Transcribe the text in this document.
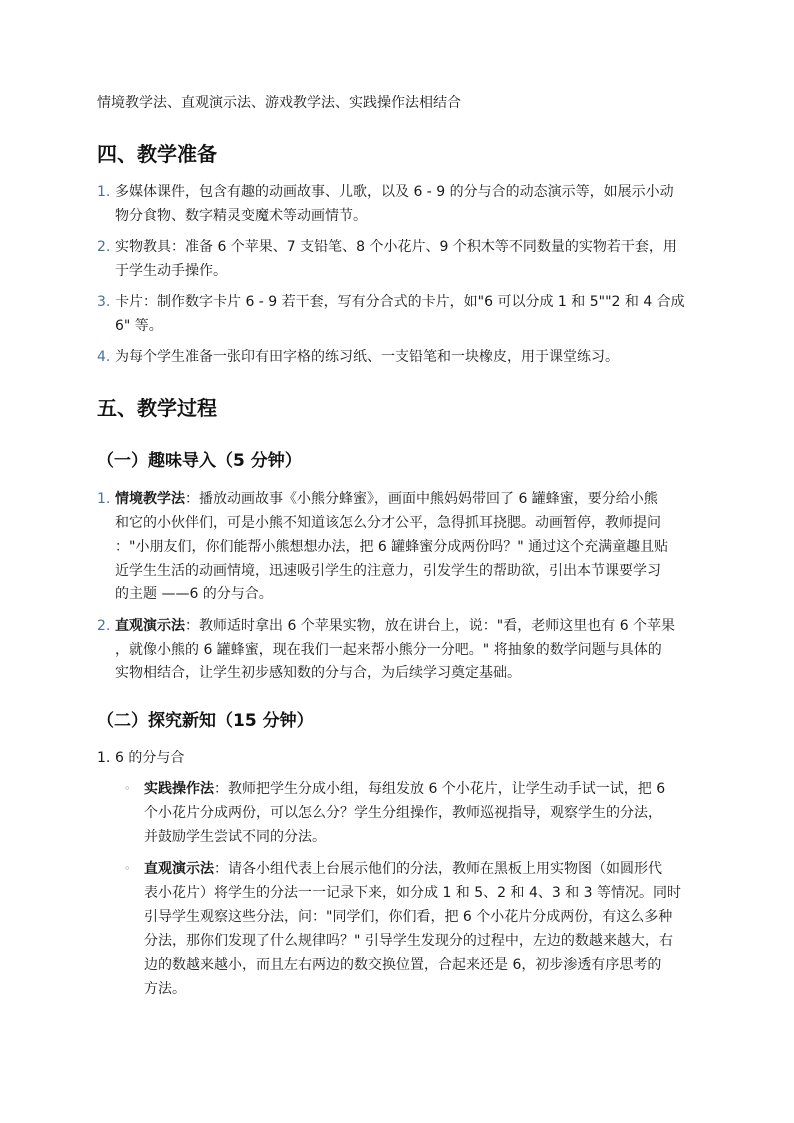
情境教学法、直观演示法、游戏教学法、实践操作法相结合
四、教学准备
1. 多媒体课件，包含有趣的动画故事、儿歌，以及 6 - 9 的分与合的动态演示等，如展示小动
物分食物、数字精灵变魔术等动画情节。
2. 实物教具：准备 6 个苹果、7 支铅笔、8 个小花片、9 个积木等不同数量的实物若干套，用
于学生动手操作。
3. 卡片：制作数字卡片 6 - 9 若干套，写有分合式的卡片，如"6 可以分成 1 和 5""2 和 4 合成
6" 等。
4. 为每个学生准备一张印有田字格的练习纸、一支铅笔和一块橡皮，用于课堂练习。
五、教学过程
（一）趣味导入（5 分钟）
1. 情境教学法：播放动画故事《小熊分蜂蜜》，画面中熊妈妈带回了 6 罐蜂蜜，要分给小熊
和它的小伙伴们，可是小熊不知道该怎么分才公平，急得抓耳挠腮。动画暂停，教师提问
："小朋友们，你们能帮小熊想想办法，把 6 罐蜂蜜分成两份吗？" 通过这个充满童趣且贴
近学生生活的动画情境，迅速吸引学生的注意力，引发学生的帮助欲，引出本节课要学习
的主题 ——6 的分与合。
2. 直观演示法：教师适时拿出 6 个苹果实物，放在讲台上，说："看，老师这里也有 6 个苹果
，就像小熊的 6 罐蜂蜜，现在我们一起来帮小熊分一分吧。" 将抽象的数学问题与具体的
实物相结合，让学生初步感知数的分与合，为后续学习奠定基础。
（二）探究新知（15 分钟）
1. 6 的分与合
◦ 实践操作法：教师把学生分成小组，每组发放 6 个小花片，让学生动手试一试，把 6
个小花片分成两份，可以怎么分？学生分组操作，教师巡视指导，观察学生的分法，
并鼓励学生尝试不同的分法。
◦ 直观演示法：请各小组代表上台展示他们的分法，教师在黑板上用实物图（如圆形代
表小花片）将学生的分法一一记录下来，如分成 1 和 5、2 和 4、3 和 3 等情况。同时
引导学生观察这些分法，问："同学们，你们看，把 6 个小花片分成两份，有这么多种
分法，那你们发现了什么规律吗？" 引导学生发现分的过程中，左边的数越来越大，右
边的数越来越小，而且左右两边的数交换位置，合起来还是 6，初步渗透有序思考的
方法。
